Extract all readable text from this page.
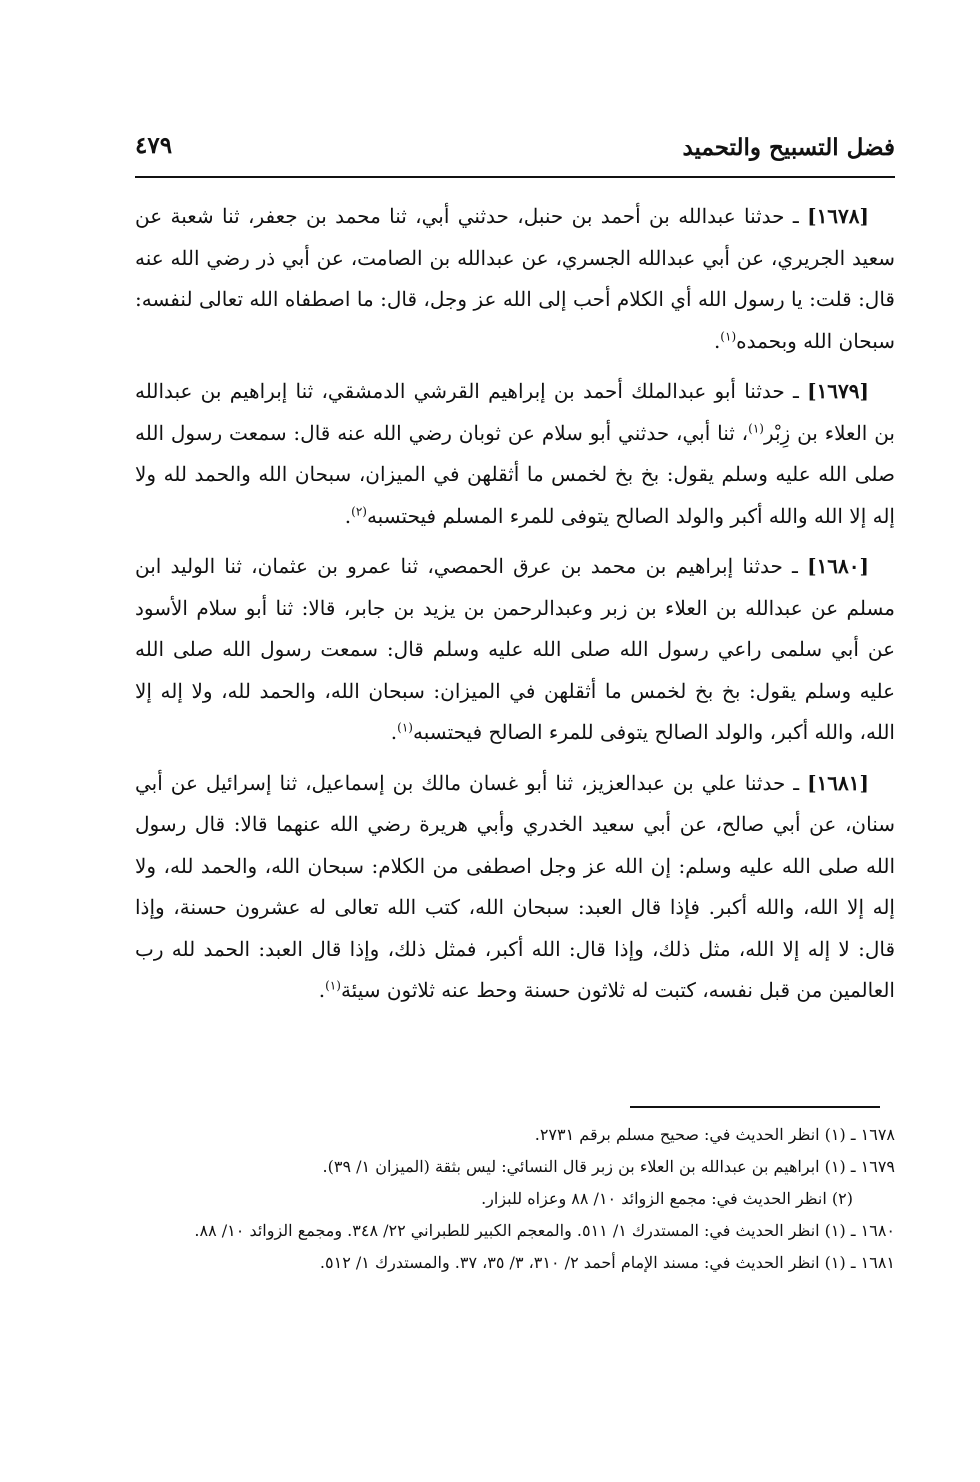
فضل التسبيح والتحميد
٤٧٩

[١٦٧٨] ـ حدثنا عبدالله بن أحمد بن حنبل، حدثني أبي، ثنا محمد بن جعفر، ثنا شعبة عن سعيد الجريري، عن أبي عبدالله الجسري، عن عبدالله بن الصامت، عن أبي ذر رضي الله عنه قال: قلت: يا رسول الله أي الكلام أحب إلى الله عز وجل، قال: ما اصطفاه الله تعالى لنفسه: سبحان الله وبحمده$^{(١)}$.

[١٦٧٩] ـ حدثنا أبو عبدالملك أحمد بن إبراهيم القرشي الدمشقي، ثنا إبراهيم بن عبدالله بن العلاء بن زِبْر$^{(١)}$، ثنا أبي، حدثني أبو سلام عن ثوبان رضي الله عنه قال: سمعت رسول الله صلى الله عليه وسلم يقول: بخ بخ لخمس ما أثقلهن في الميزان، سبحان الله والحمد لله ولا إله إلا الله والله أكبر والولد الصالح يتوفى للمرء المسلم فيحتسبه$^{(٢)}$.

[١٦٨٠] ـ حدثنا إبراهيم بن محمد بن عرق الحمصي، ثنا عمرو بن عثمان، ثنا الوليد ابن مسلم عن عبدالله بن العلاء بن زبر وعبدالرحمن بن يزيد بن جابر، قالا: ثنا أبو سلام الأسود عن أبي سلمى راعي رسول الله صلى الله عليه وسلم قال: سمعت رسول الله صلى الله عليه وسلم يقول: بخ بخ لخمس ما أثقلهن في الميزان: سبحان الله، والحمد لله، ولا إله إلا الله، والله أكبر، والولد الصالح يتوفى للمرء الصالح فيحتسبه$^{(١)}$.

[١٦٨١] ـ حدثنا علي بن عبدالعزيز، ثنا أبو غسان مالك بن إسماعيل، ثنا إسرائيل عن أبي سنان، عن أبي صالح، عن أبي سعيد الخدري وأبي هريرة رضي الله عنهما قالا: قال رسول الله صلى الله عليه وسلم: إن الله عز وجل اصطفى من الكلام: سبحان الله، والحمد لله، ولا إله إلا الله، والله أكبر. فإذا قال العبد: سبحان الله، كتب الله تعالى له عشرون حسنة، وإذا قال: لا إله إلا الله، مثل ذلك، وإذا قال: الله أكبر، فمثل ذلك، وإذا قال العبد: الحمد لله رب العالمين من قبل نفسه، كتبت له ثلاثون حسنة وحط عنه ثلاثون سيئة$^{(١)}$.

١٦٧٨ ـ (١) انظر الحديث في: صحيح مسلم برقم ٢٧٣١.
١٦٧٩ ـ (١) ابراهيم بن عبدالله بن العلاء بن زبر قال النسائي: ليس بثقة (الميزان ١/ ٣٩).
(٢) انظر الحديث في: مجمع الزوائد ١٠/ ٨٨ وعزاه للبزار.
١٦٨٠ ـ (١) انظر الحديث في: المستدرك ١/ ٥١١. والمعجم الكبير للطبراني ٢٢/ ٣٤٨. ومجمع الزوائد ١٠/ ٨٨.
١٦٨١ ـ (١) انظر الحديث في: مسند الإمام أحمد ٢/ ٣١٠، ٣/ ٣٥، ٣٧. والمستدرك ١/ ٥١٢.
